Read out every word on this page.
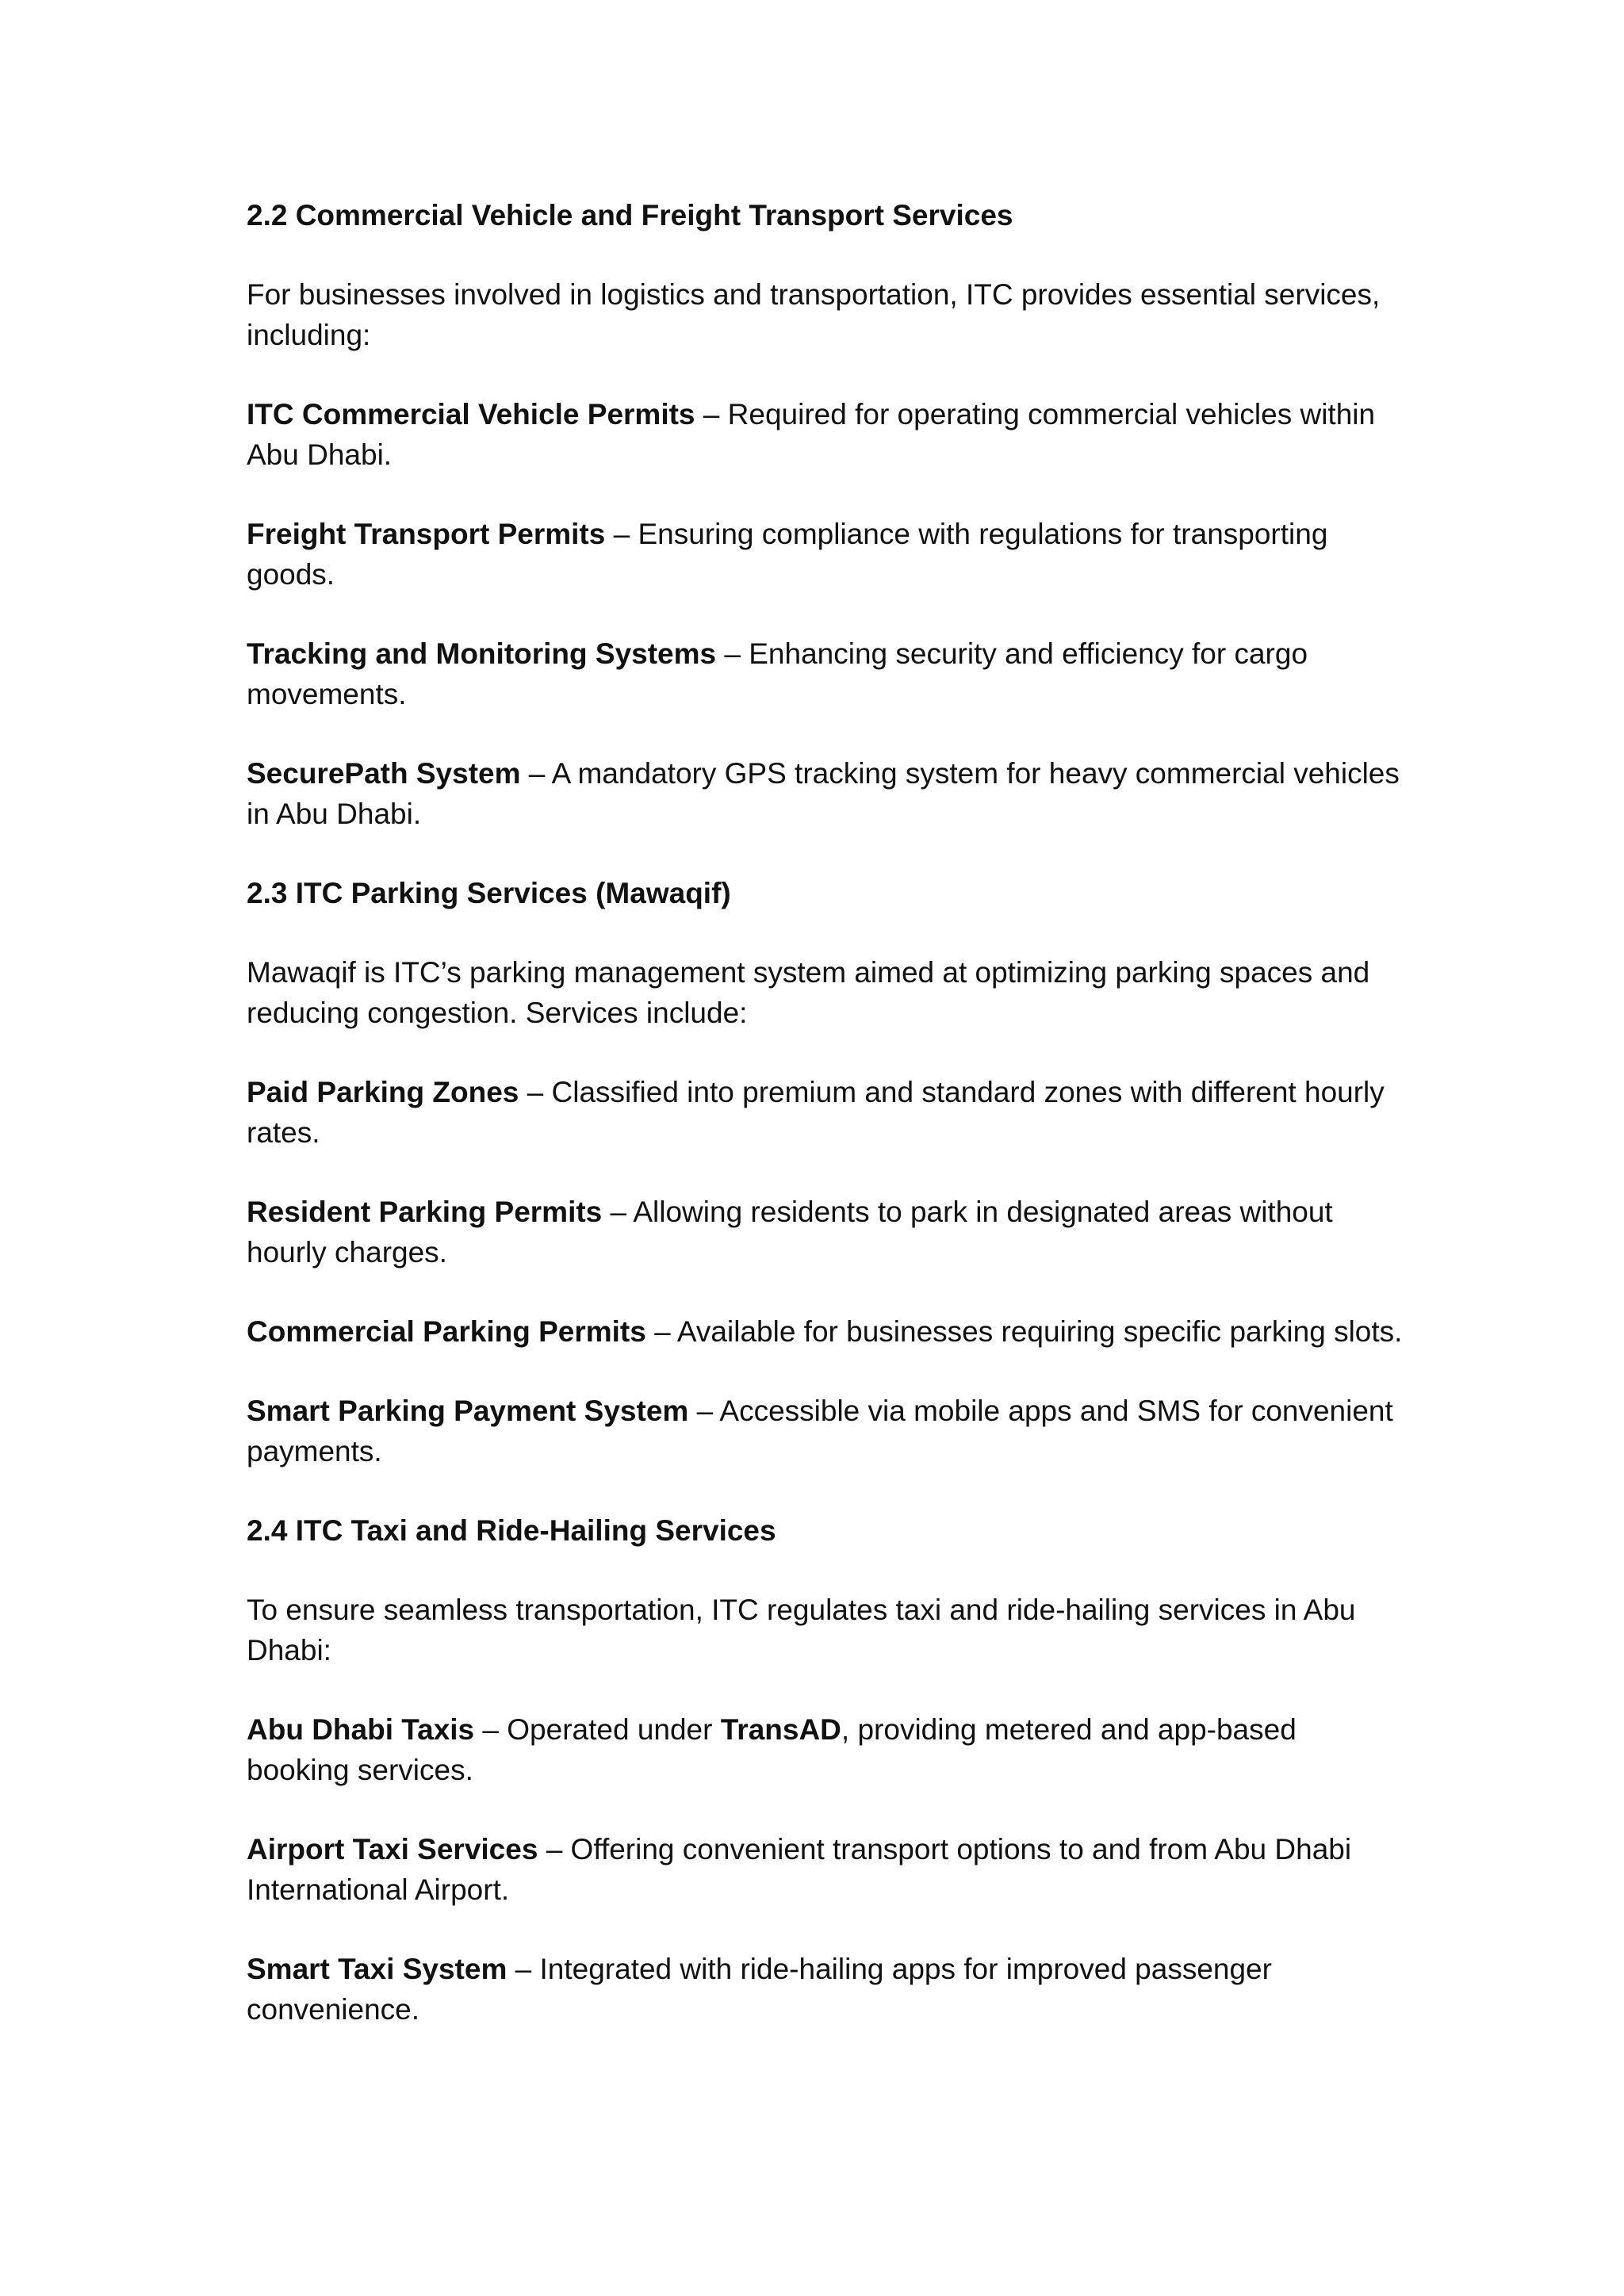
2.2 Commercial Vehicle and Freight Transport Services
For businesses involved in logistics and transportation, ITC provides essential services, including:
ITC Commercial Vehicle Permits – Required for operating commercial vehicles within Abu Dhabi.
Freight Transport Permits – Ensuring compliance with regulations for transporting goods.
Tracking and Monitoring Systems – Enhancing security and efficiency for cargo movements.
SecurePath System – A mandatory GPS tracking system for heavy commercial vehicles in Abu Dhabi.
2.3 ITC Parking Services (Mawaqif)
Mawaqif is ITC’s parking management system aimed at optimizing parking spaces and reducing congestion. Services include:
Paid Parking Zones – Classified into premium and standard zones with different hourly rates.
Resident Parking Permits – Allowing residents to park in designated areas without hourly charges.
Commercial Parking Permits – Available for businesses requiring specific parking slots.
Smart Parking Payment System – Accessible via mobile apps and SMS for convenient payments.
2.4 ITC Taxi and Ride-Hailing Services
To ensure seamless transportation, ITC regulates taxi and ride-hailing services in Abu Dhabi:
Abu Dhabi Taxis – Operated under TransAD, providing metered and app-based booking services.
Airport Taxi Services – Offering convenient transport options to and from Abu Dhabi International Airport.
Smart Taxi System – Integrated with ride-hailing apps for improved passenger convenience.
